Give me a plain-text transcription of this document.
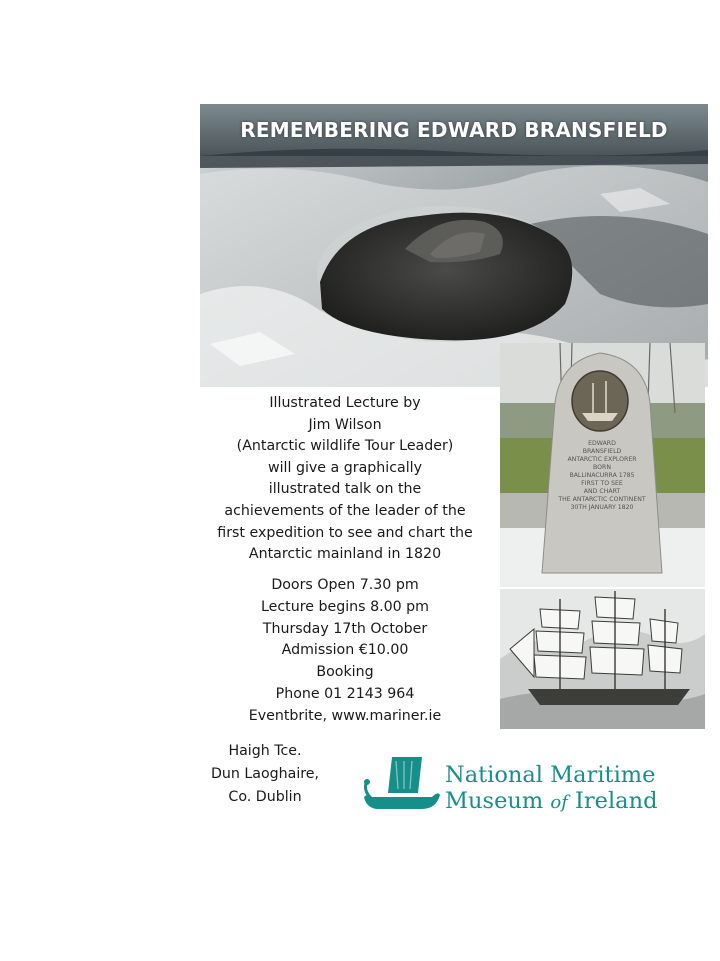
REMEMBERING EDWARD BRANSFIELD
EDWARD
BRANSFIELD
ANTARCTIC EXPLORER
BORN
BALLINACURRA 1785
FIRST TO SEE
AND CHART
THE ANTARCTIC CONTINENT
30TH JANUARY 1820
Illustrated Lecture by
Jim Wilson
(Antarctic wildlife Tour Leader)
will give a graphically
illustrated talk on the
achievements of the leader of the
first expedition to see and chart the
Antarctic mainland in 1820
Doors Open 7.30 pm
Lecture begins 8.00 pm
Thursday 17th October
Admission €10.00
Booking
Phone 01 2143 964
Eventbrite, www.mariner.ie
Haigh Tce.
Dun Laoghaire,
Co. Dublin
National Maritime
Museum of Ireland
